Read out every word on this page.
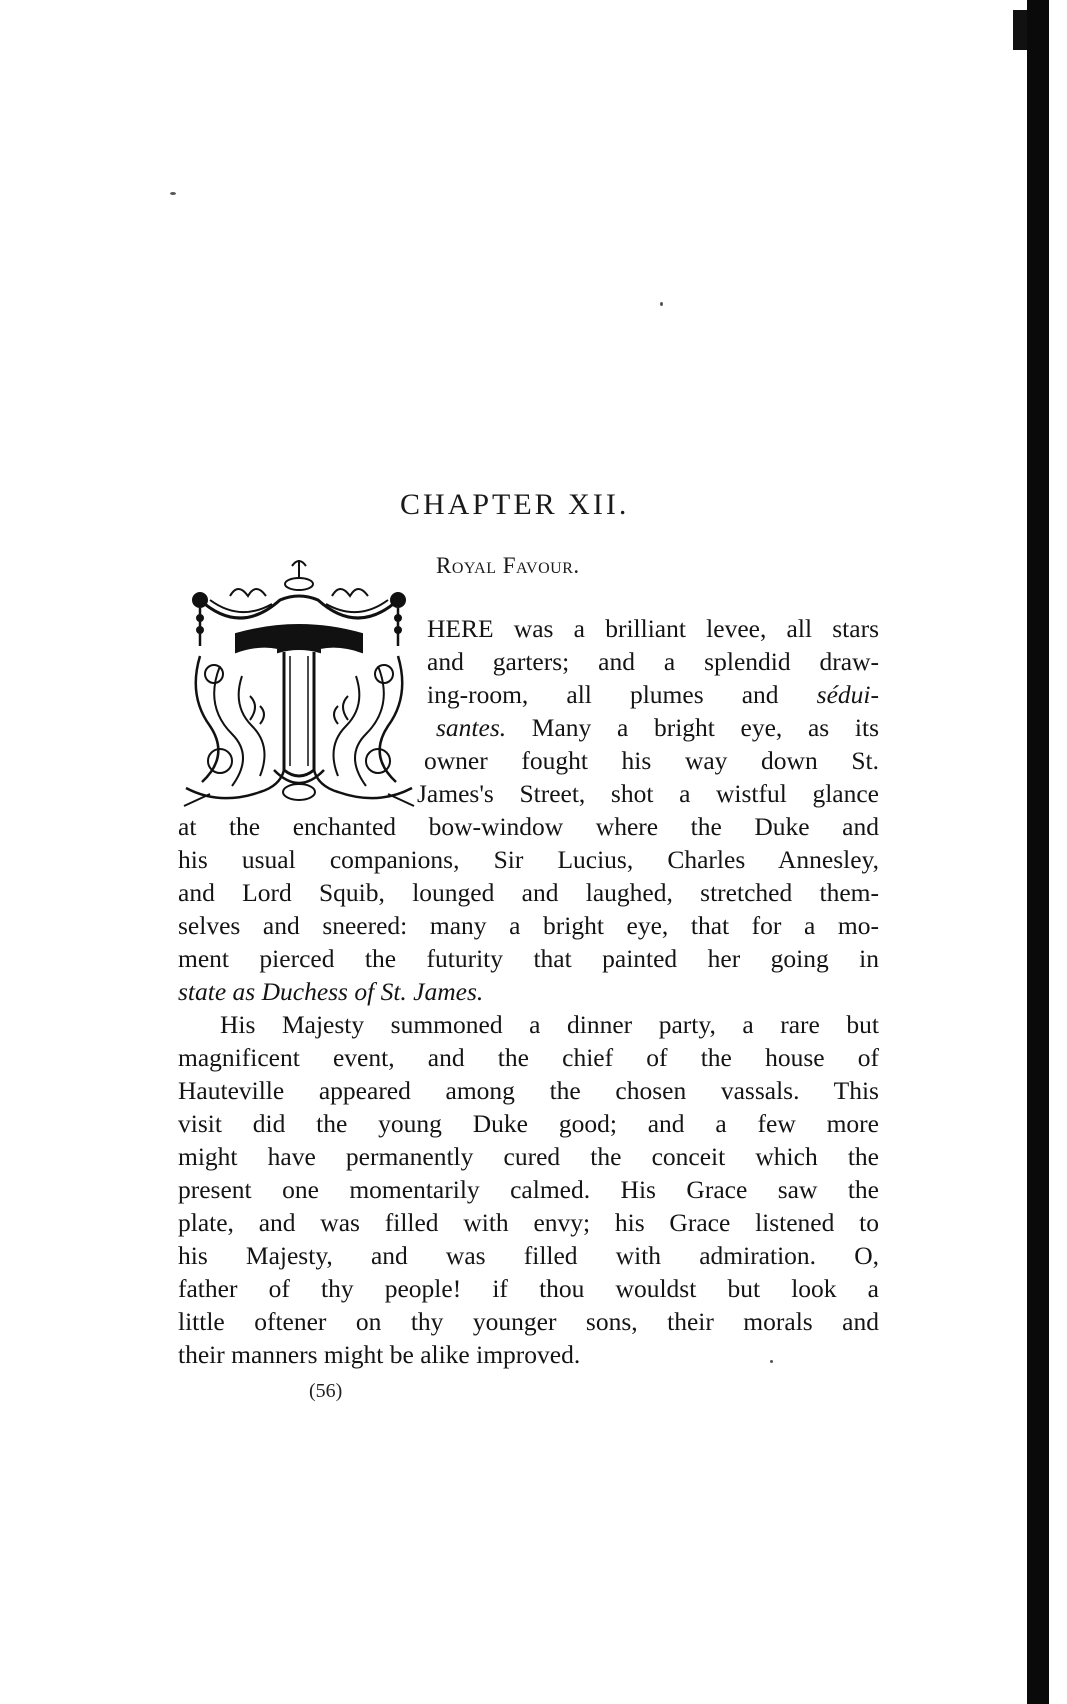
CHAPTER XII.
Royal Favour.
HERE was a brilliant levee, all stars
and garters; and a splendid draw-
ing-room, all plumes and sédui-
santes. Many a bright eye, as its
owner fought his way down St.
James's Street, shot a wistful glance
at the enchanted bow-window where the Duke and
his usual companions, Sir Lucius, Charles Annesley,
and Lord Squib, lounged and laughed, stretched them-
selves and sneered: many a bright eye, that for a mo-
ment pierced the futurity that painted her going in
state as Duchess of St. James.
His Majesty summoned a dinner party, a rare but
magnificent event, and the chief of the house of
Hauteville appeared among the chosen vassals. This
visit did the young Duke good; and a few more
might have permanently cured the conceit which the
present one momentarily calmed. His Grace saw the
plate, and was filled with envy; his Grace listened to
his Majesty, and was filled with admiration. O,
father of thy people! if thou wouldst but look a
little oftener on thy younger sons, their morals and
their manners might be alike improved.
(56)
